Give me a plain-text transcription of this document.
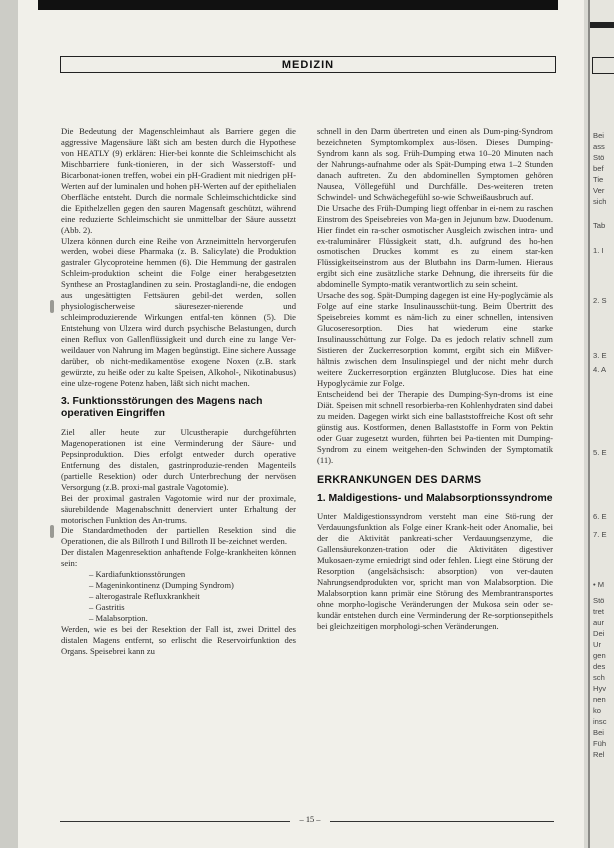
MEDIZIN

Die Bedeutung der Magenschleimhaut als Barriere gegen die aggressive Magensäure läßt sich am besten durch die Hypothese von HEATLY (9) erklären: Hier-bei konnte die Schleimschicht als Mischbarriere funk-tionieren, in der sich Wasserstoff- und Bicarbonat-ionen treffen, wobei ein pH-Gradient mit niedrigen pH-Werten auf der luminalen und hohen pH-Werten auf der epithelialen Oberfläche entsteht. Durch die normale Schleimschichtdicke sind die Epithelzellen gegen den sauren Magensaft geschützt, während eine reduzierte Schleimschicht sie unmittelbar der Säure aussetzt (Abb. 2).

Ulzera können durch eine Reihe von Arzneimitteln hervorgerufen werden, wobei diese Pharmaka (z. B. Salicylate) die Produktion gastraler Glycoproteine hemmen (6). Die Hemmung der gastralen Schleim-produktion scheint die Folge einer herabgesetzten Synthese an Prostaglandinen zu sein. Prostaglandi-ne, die endogen aus ungesättigten Fettsäuren gebil-det werden, sollen physiologischerweise säuresezer-nierende und schleimproduzierende Wirkungen entfal-ten können (5). Die Entstehung von Ulzera wird durch psychische Belastungen, durch einen Reflux von Gallenflüssigkeit und durch eine zu lange Ver-weildauer von Nahrung im Magen begünstigt. Eine sichere Aussage darüber, ob nicht-medikamentöse exogene Noxen (z.B. stark gewürzte, zu heiße oder zu kalte Speisen, Alkohol-, Nikotinabusus) eine ulze-rogene Potenz haben, läßt sich nicht machen.

3. Funktionsstörungen des Magens nach operativen Eingriffen

Ziel aller heute zur Ulcustherapie durchgeführten Magenoperationen ist eine Verminderung der Säure- und Pepsinproduktion. Dies erfolgt entweder durch operative Entfernung des distalen, gastrinproduzie-renden Magenteils (partielle Resektion) oder durch Unterbrechung der nervösen Versorgung (z.B. proxi-mal gastrale Vagotomie).

Bei der proximal gastralen Vagotomie wird nur der proximale, säurebildende Magenabschnitt denerviert unter Erhaltung der motorischen Funktion des An-trums.

Die Standardmethoden der partiellen Resektion sind die Operationen, die als Billroth I und Billroth II be-zeichnet werden.

Der distalen Magenresektion anhaftende Folge-krankheiten können sein:

– Kardiafunktionsstörungen
– Mageninkontinenz (Dumping Syndrom)
– alterogastrale Refluxkrankheit
– Gastritis
– Malabsorption.

Werden, wie es bei der Resektion der Fall ist, zwei Drittel des distalen Magens entfernt, so erlischt die Reservoirfunktion des Organs. Speisebrei kann zu

schnell in den Darm übertreten und einen als Dum-ping-Syndrom bezeichneten Symptomkomplex aus-lösen. Dieses Dumping-Syndrom kann als sog. Früh-Dumping etwa 10–20 Minuten nach der Nahrungs-aufnahme oder als Spät-Dumping etwa 1–2 Stunden danach auftreten. Zu den abdominellen Symptomen gehören Nausea, Völlegefühl und Durchfälle. Des-weiteren treten Schwindel- und Schwächegefühl so-wie Schweißausbruch auf.

Die Ursache des Früh-Dumping liegt offenbar in ei-nem zu raschen Einstrom des Speisebreies von Ma-gen in Jejunum bzw. Duodenum. Hier findet ein ra-scher osmotischer Ausgleich zwischen intra- und ex-traluminärer Flüssigkeit statt, d.h. aufgrund des ho-hen osmotischen Druckes kommt es zu einem star-ken Flüssigkeitseinstrom aus der Blutbahn ins Darm-lumen. Hieraus ergibt sich eine zusätzliche starke Dehnung, die ihrerseits für die abdominelle Sympto-matik verantwortlich zu sein scheint.

Ursache des sog. Spät-Dumping dagegen ist eine Hy-poglycämie als Folge auf eine starke Insulinausschüt-tung. Beim Übertritt des Speisebreies kommt es näm-lich zu einer schnellen, intensiven Glucoseresorption. Dies hat wiederum eine starke Insulinausschüttung zur Folge. Da es jedoch relativ schnell zum Sistieren der Zuckerresorption kommt, ergibt sich ein Mißver-hältnis zwischen dem Insulinspiegel und der nicht mehr durch weitere Zuckerresorption ergänzten Blutglucose. Dies hat eine Hypoglycämie zur Folge.

Entscheidend bei der Therapie des Dumping-Syn-droms ist eine Diät. Speisen mit schnell resorbierba-ren Kohlenhydraten sind dabei zu meiden. Dagegen wirkt sich eine ballaststoffreiche Kost oft sehr günstig aus. Kostformen, denen Ballaststoffe in Form von Pektin oder Guar zugesetzt wurden, führten bei Pa-tienten mit Dumping-Syndrom zu einem weitgehen-den Schwinden der Symptomatik (11).

ERKRANKUNGEN DES DARMS
1. Maldigestions- und Malabsorptionssyndrome

Unter Maldigestionssyndrom versteht man eine Stö-rung der Verdauungsfunktion als Folge einer Krank-heit oder Anomalie, bei der die Aktivität pankreati-scher Verdauungsenzyme, die Gallensäurekonzen-tration oder die Aktivitäten digestiver Mukosaen-zyme erniedrigt sind oder fehlen. Liegt eine Störung der Resorption (angelsächsisch: absorption) von ver-dauten Nahrungsendprodukten vor, spricht man von Malabsorption. Die Malabsorption kann primär eine Störung des Membrantransportes ohne morpho-logische Veränderungen der Mukosa sein oder se-kundär entstehen durch eine Verminderung der Re-sorptionsepithels bei gleichzeitigen morphologi-schen Veränderungen.

– 15 –
Bei
ass
Stö
bef
Tie
Ver
sich
Tab
1. I
2. S
3. E
4. A
5. E
6. E
7. E
• M
Stö
tret
aur
Dei
Ur
gen
des
sch
Hyv
nen
ko
insc
Bei
Füh
Rel
